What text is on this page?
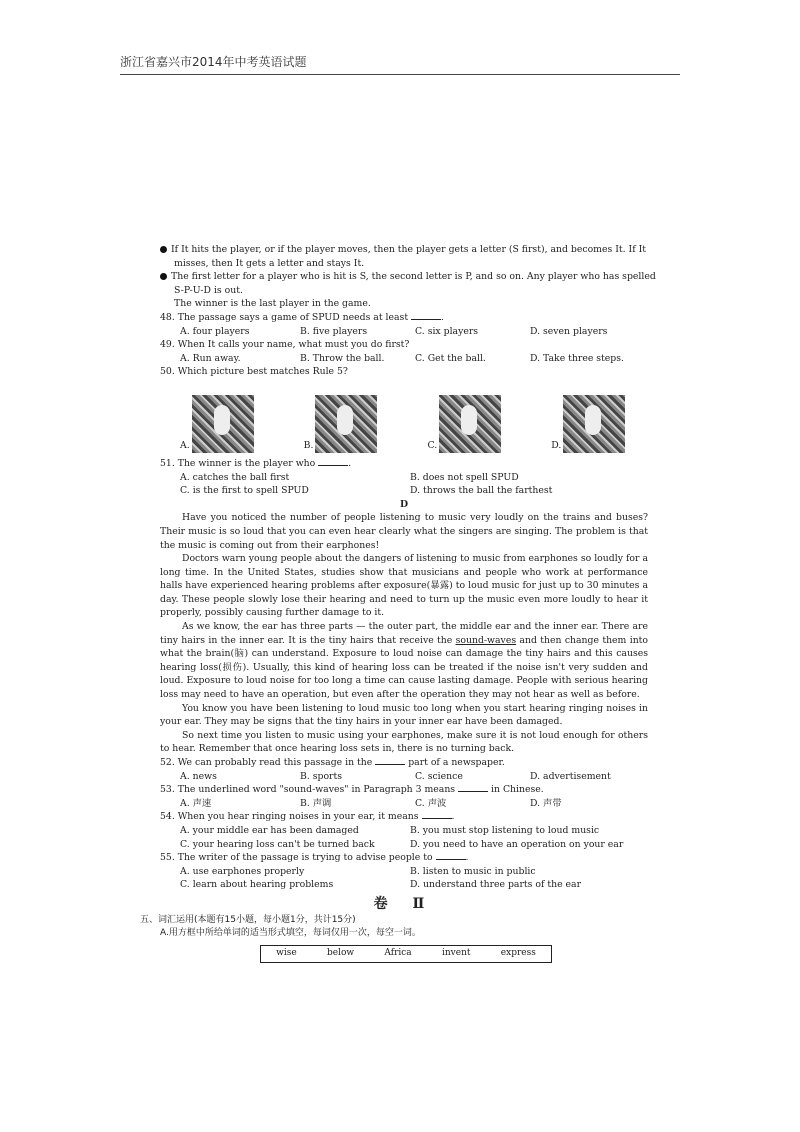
浙江省嘉兴市2014年中考英语试题
If It hits the player, or if the player moves, then the player gets a letter (S first), and becomes It. If It
misses, then It gets a letter and stays It.
The first letter for a player who is hit is S, the second letter is P, and so on. Any player who has spelled
S-P-U-D is out.
The winner is the last player in the game.
48. The passage says a game of SPUD needs at least	.
A. four players	B. five players	C. six players	D. seven players
49. When It calls your name, what must you do first?
A. Run away.	B. Throw the ball.	C. Get the ball.	D. Take three steps.
50. Which picture best matches Rule 5?
A.	B.	C.	D.
51. The winner is the player who	.
A. catches the ball first	B. does not spell SPUD
C. is the first to spell SPUD	D. throws the ball the farthest
D

Have you noticed the number of people listening to music very loudly on the trains and buses? Their music is so loud that you can even hear clearly what the singers are singing. The problem is that the music is coming out from their earphones!

Doctors warn young people about the dangers of listening to music from earphones so loudly for a long time. In the United States, studies show that musicians and people who work at performance halls have experienced hearing problems after exposure(暴露) to loud music for just up to 30 minutes a day. These people slowly lose their hearing and need to turn up the music even more loudly to hear it properly, possibly causing further damage to it.

As we know, the ear has three parts — the outer part, the middle ear and the inner ear. There are tiny hairs in the inner ear. It is the tiny hairs that receive the sound-waves and then change them into what the brain(脑) can understand. Exposure to loud noise can damage the tiny hairs and this causes hearing loss(损伤). Usually, this kind of hearing loss can be treated if the noise isn't very sudden and loud. Exposure to loud noise for too long a time can cause lasting damage. People with serious hearing loss may need to have an operation, but even after the operation they may not hear as well as before.

You know you have been listening to loud music too long when you start hearing ringing noises in your ear. They may be signs that the tiny hairs in your inner ear have been damaged.

So next time you listen to music using your earphones, make sure it is not loud enough for others to hear. Remember that once hearing loss sets in, there is no turning back.

52. We can probably read this passage in the	part of a newspaper.
A. news	B. sports	C. science	D. advertisement
53. The underlined word "sound-waves" in Paragraph 3 means	in Chinese.
A. 声速	B. 声调	C. 声波	D. 声带
54. When you hear ringing noises in your ear, it means	.
A. your middle ear has been damaged	B. you must stop listening to loud music
C. your hearing loss can't be turned back	D. you need to have an operation on your ear
55. The writer of the passage is trying to advise people to	.
A. use earphones properly	B. listen to music in public
C. learn about hearing problems	D. understand three parts of the ear
卷 Ⅱ
五、词汇运用(本题有15小题，每小题1分，共计15分)
A.用方框中所给单词的适当形式填空，每词仅用一次，每空一词。
wise	below	Africa	invent	express
